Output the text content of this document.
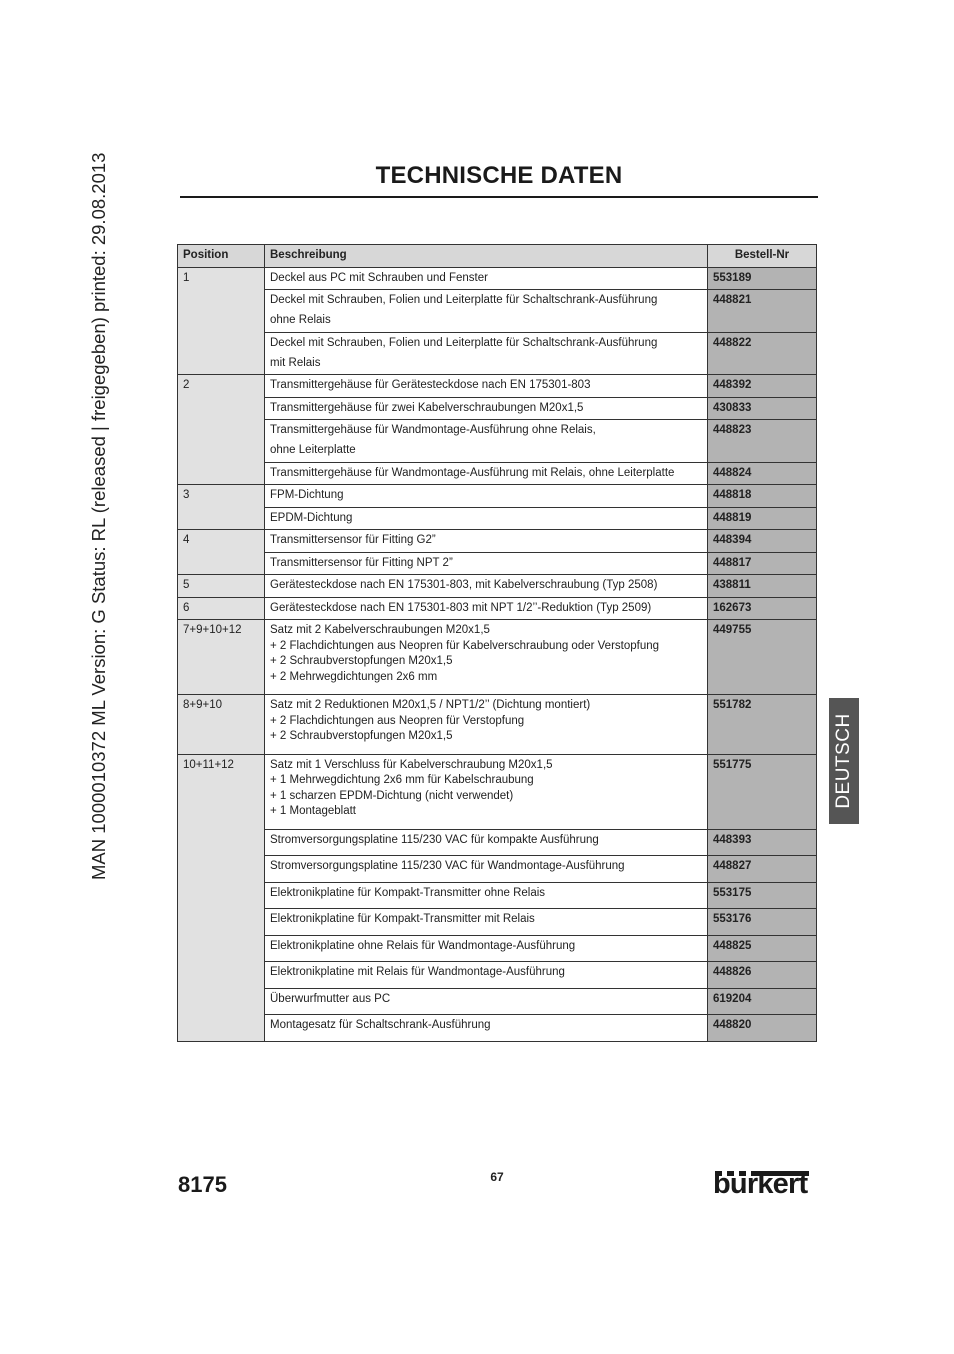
MAN 1000010372 ML Version: G Status: RL (released | freigegeben) printed: 29.08.2013	TECHNISCHE DATEN
DEUTSCH
Position	Beschreibung	Bestell-Nr
1	Deckel aus PC mit Schrauben und Fenster	553189

	Deckel mit Schrauben, Folien und Leiterplatte für Schaltschrank-Ausführung
ohne Relais	448821

	Deckel mit Schrauben, Folien und Leiterplatte für Schaltschrank-Ausführung
mit Relais	448822
2	Transmittergehäuse für Gerätesteckdose nach EN 175301-803	448392

	Transmittergehäuse für zwei Kabelverschraubungen M20x1,5	430833

	Transmittergehäuse für Wandmontage-Ausführung ohne Relais,
ohne Leiterplatte	448823

	Transmittergehäuse für Wandmontage-Ausführung mit Relais, ohne Leiterplatte	448824
3	FPM-Dichtung	448818

	EPDM-Dichtung	448819
4	Transmittersensor für Fitting G2”	448394

	Transmittersensor für Fitting NPT 2”	448817
5	Gerätesteckdose nach EN 175301-803, mit Kabelverschraubung (Typ 2508)	438811
6	Gerätesteckdose nach EN 175301-803 mit NPT 1/2’’-Reduktion (Typ 2509)	162673
7+9+10+12	Satz mit 2 Kabelverschraubungen M20x1,5
+ 2 Flachdichtungen aus Neopren für Kabelverschraubung oder Verstopfung
+ 2 Schraubverstopfungen M20x1,5
+ 2 Mehrwegdichtungen 2x6 mm	449755
8+9+10	Satz mit 2 Reduktionen M20x1,5 / NPT1/2’’ (Dichtung montiert)
+ 2 Flachdichtungen aus Neopren für Verstopfung
+ 2 Schraubverstopfungen M20x1,5	551782
10+11+12	Satz mit 1 Verschluss für Kabelverschraubung M20x1,5
+ 1 Mehrwegdichtung 2x6 mm für Kabelschraubung
+ 1 scharzen EPDM-Dichtung (nicht verwendet)
+ 1 Montageblatt	551775

	Stromversorgungsplatine 115/230 VAC für kompakte Ausführung	448393

	Stromversorgungsplatine 115/230 VAC für Wandmontage-Ausführung	448827

	Elektronikplatine für Kompakt-Transmitter ohne Relais	553175

	Elektronikplatine für Kompakt-Transmitter mit Relais	553176

	Elektronikplatine ohne Relais für Wandmontage-Ausführung	448825

	Elektronikplatine mit Relais für Wandmontage-Ausführung	448826

	Überwurfmutter aus PC	619204

	Montagesatz für Schaltschrank-Ausführung	448820
8175	67	burkert
